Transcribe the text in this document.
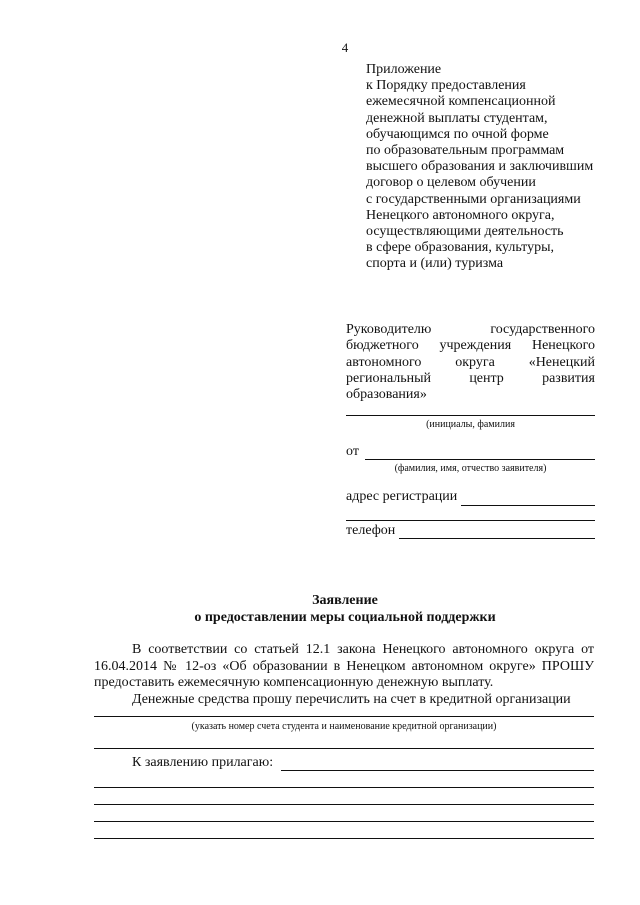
4
Приложение
к Порядку предоставления
ежемесячной компенсационной
денежной выплаты студентам,
обучающимся по очной форме
по образовательным программам
высшего образования и заключившим
договор о целевом обучении
с государственными организациями
Ненецкого автономного округа,
осуществляющими деятельность
в сфере образования, культуры,
спорта и (или) туризма
Руководителю	государственного
бюджетного учреждения Ненецкого
автономного округа «Ненецкий
региональный	центр	развития
образования»
(инициалы, фамилия
от
(фамилия, имя, отчество заявителя)
адрес регистрации
телефон
Заявление
о предоставлении меры социальной поддержки
В соответствии со статьей 12.1 закона Ненецкого автономного округа от 16.04.2014 № 12-оз «Об образовании в Ненецком автономном округе» ПРОШУ предоставить ежемесячную компенсационную денежную выплату.
Денежные средства прошу перечислить на счет в кредитной организации
(указать номер счета студента и наименование кредитной организации)
К заявлению прилагаю:
